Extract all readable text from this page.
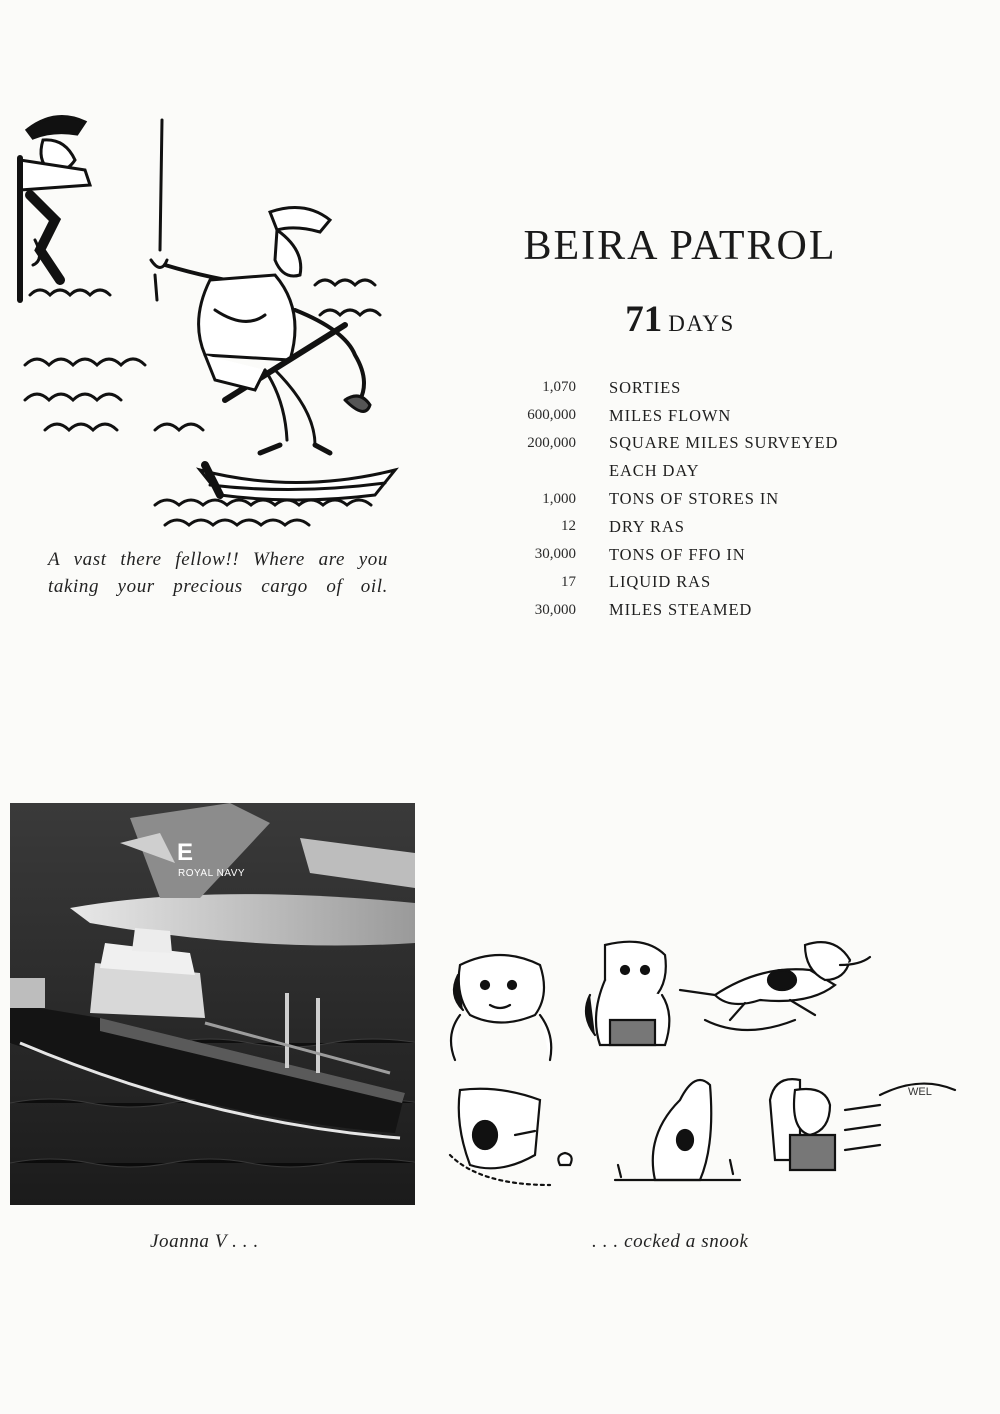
A vast there fellow!! Where are you taking your precious cargo of oil.
BEIRA PATROL
71 DAYS
1,070 SORTIES
600,000 MILES FLOWN
200,000 SQUARE MILES SURVEYED
EACH DAY
1,000 TONS OF STORES IN
12 DRY RAS
30,000 TONS OF FFO IN
17 LIQUID RAS
30,000 MILES STEAMED
E
ROYAL NAVY
Joanna V . . .
WEL
. . . cocked a snook
